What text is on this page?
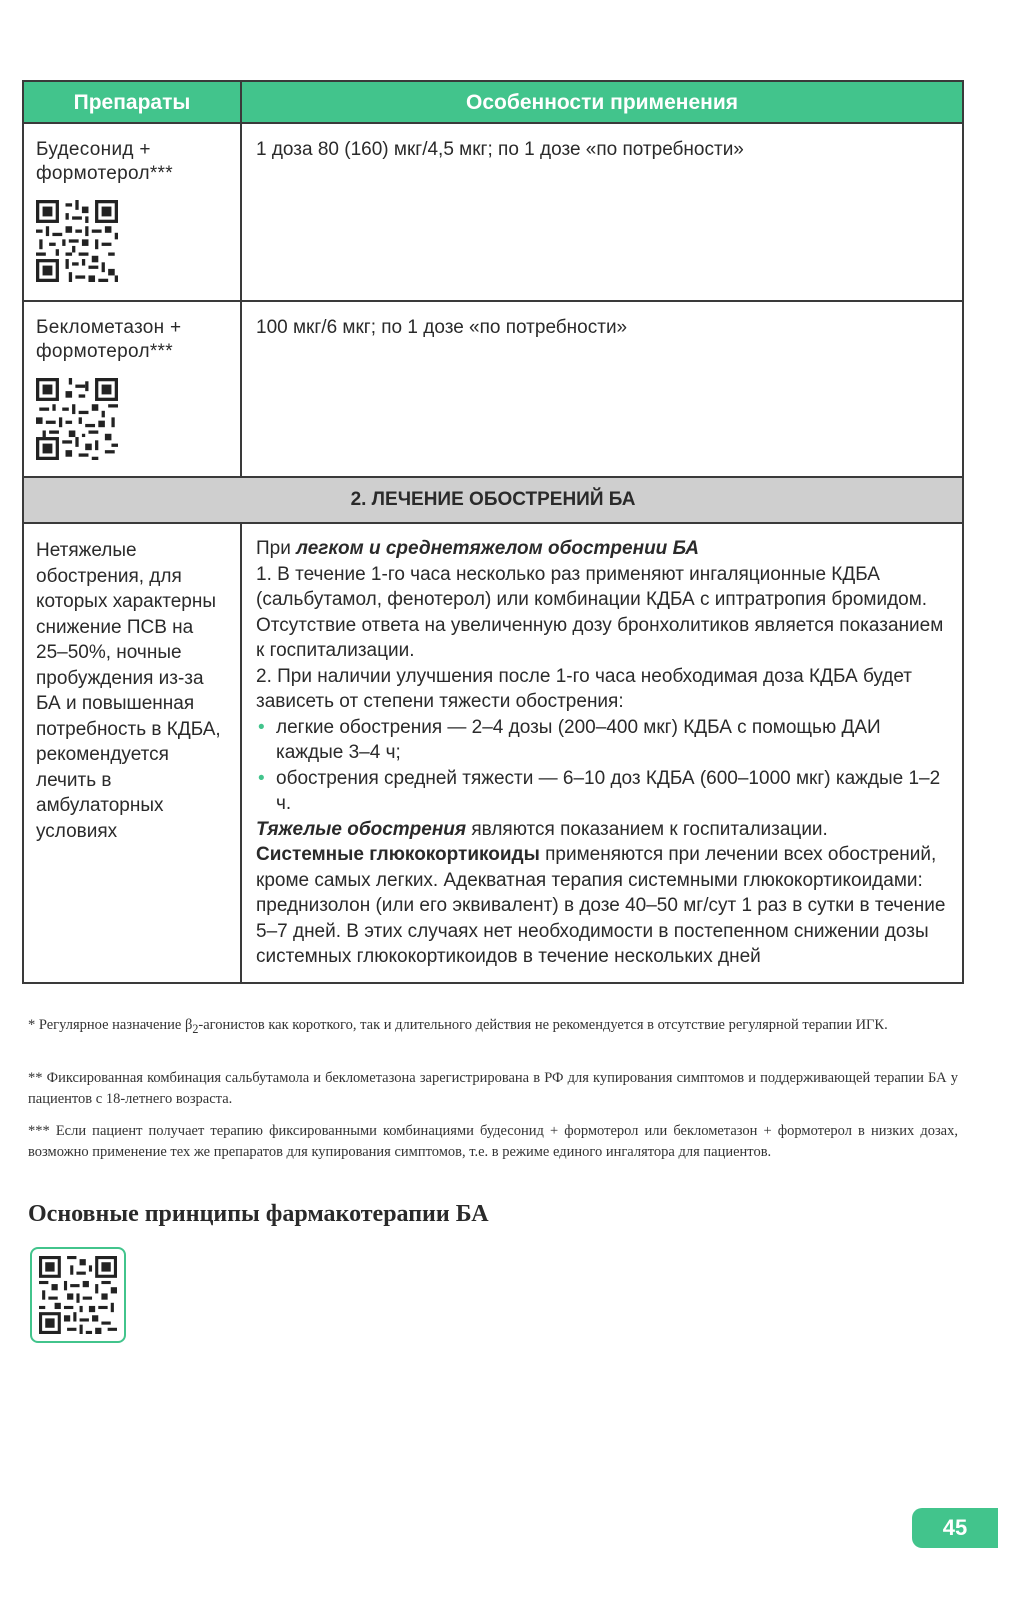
Препараты	Особенности применения
Будесонид +
формотерол***
1 доза 80 (160) мкг/4,5 мкг; по 1 дозе «по потребности»
Беклометазон +
формотерол***
100 мкг/6 мкг; по 1 дозе «по потребности»
2. ЛЕЧЕНИЕ ОБОСТРЕНИЙ БА
Нетяжелые обострения, для которых характерны снижение ПСВ на 25–50%, ночные пробуждения из-за БА и повышенная потребность в КДБА, рекомендуется лечить в амбулаторных условиях

При легком и среднетяжелом обострении БА

1. В течение 1-го часа несколько раз применяют ингаляционные КДБА (сальбутамол, фенотерол) или комбинации КДБА с иптратропия бромидом. Отсутствие ответа на увеличенную дозу бронхолитиков является показанием к госпитализации.

2. При наличии улучшения после 1-го часа необходимая доза КДБА будет зависеть от степени тяжести обострения:

• легкие обострения — 2–4 дозы (200–400 мкг) КДБА с помощью ДАИ каждые 3–4 ч;

• обострения средней тяжести — 6–10 доз КДБА (600–1000 мкг) каждые 1–2 ч.

Тяжелые обострения являются показанием к госпитализации.

Системные глюкокортикоиды применяются при лечении всех обострений, кроме самых легких. Адекватная терапия системными глюкокортикоидами: преднизолон (или его эквивалент) в дозе 40–50 мг/сут 1 раз в сутки в течение 5–7 дней. В этих случаях нет необходимости в постепенном снижении дозы системных глюкокортикоидов в течение нескольких дней

* Регулярное назначение $\beta_2$-агонистов как короткого, так и длительного действия не рекомендуется в отсутствие регулярной терапии ИГК.
** Фиксированная комбинация сальбутамола и беклометазона зарегистрирована в РФ для купирования симптомов и поддерживающей терапии БА у пациентов с 18-летнего возраста.
*** Если пациент получает терапию фиксированными комбинациями будесонид + формотерол или беклометазон + формотерол в низких дозах, возможно применение тех же препаратов для купирования симптомов, т.е. в режиме единого ингалятора для пациентов.
Основные принципы фармакотерапии БА
45
